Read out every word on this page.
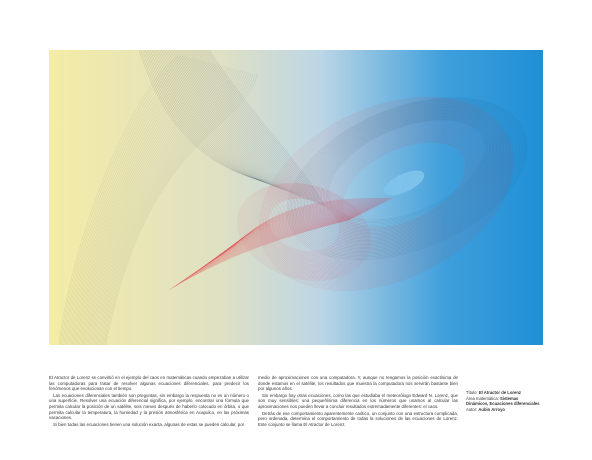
El Atractor de Lorenz se convirtió en el ejemplo del caos en matemáticas cuando empezaban a utilizar las computadoras para tratar de resolver algunas ecuaciones diferenciales, para predecir los fenómenos que evolucionan con el tiempo.

Las ecuaciones diferenciales también son preguntas, sin embargo la respuesta no es un número o una superficie. Resolver una ecuación diferencial significa, por ejemplo, encontrar una fórmula que permita calcular la posición de un satélite, seis meses después de haberlo colocado en órbita, o que permita calcular la temperatura, la humedad y la presión atmosférica en Acapulco, en las próximas vacaciones.

Si bien todas las ecuaciones tienen una solución exacta, algunas de estas se pueden calcular, por

medio de aproximaciones con una computadora. Y, aunque no tengamos la posición exactísima de donde estamos en el satélite, los resultados que muestra la computadora nos servirán bastante bien por algunos años.

Sin embargo hay otras ecuaciones, como las que estudiaba el meteorólogo Edward N. Lorenz, que son muy sensibles: una pequeñísima diferencia en los números que usamos al calcular las aproximaciones nos pueden llevar a concluir resultados extremadamente diferentes: el caos.

Detrás de ese comportamiento aparentemente caótico, un conjunto con una estructura complicada, pero ordenada, determina el comportamiento de todas la soluciones de las ecuaciones de Lorenz. Este conjunto se llama El Atractor de Lorenz.

Título: El Atractor de Lorenz
Área matemática: Sistemas
Dinámicos, Ecuaciones diferenciales
Autor: Aubin Arroyo
